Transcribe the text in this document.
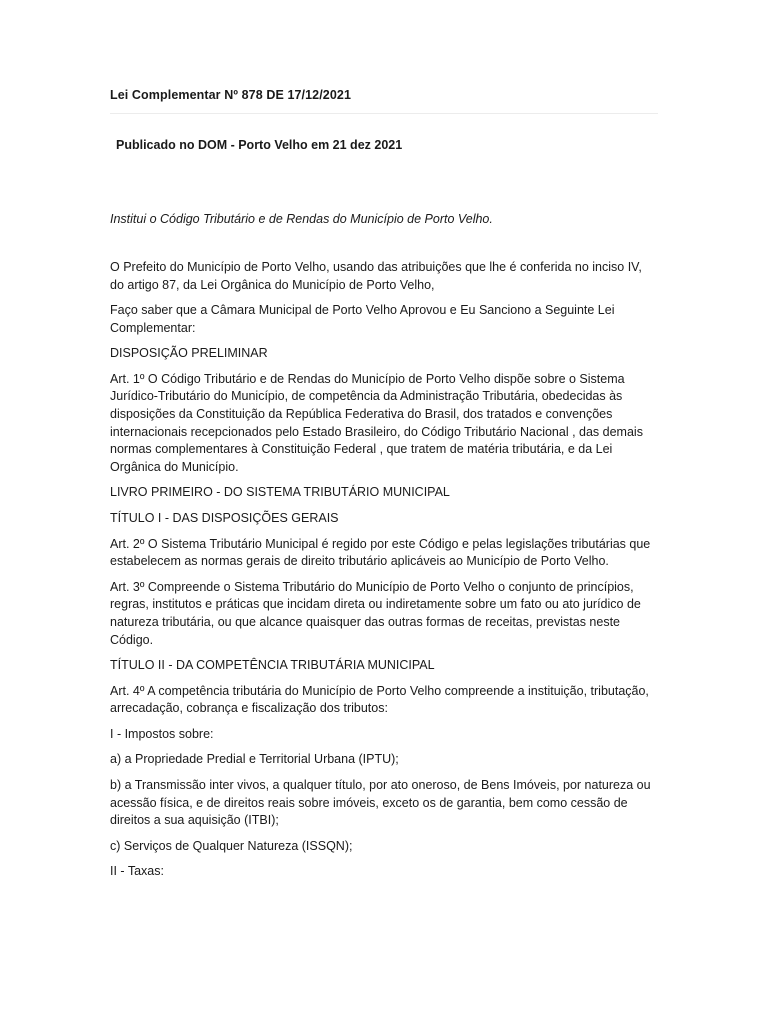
Lei Complementar Nº 878 DE 17/12/2021

Publicado no DOM - Porto Velho em 21 dez 2021

Institui o Código Tributário e de Rendas do Município de Porto Velho.

O Prefeito do Município de Porto Velho, usando das atribuições que lhe é conferida no inciso IV, do artigo 87, da Lei Orgânica do Município de Porto Velho,

Faço saber que a Câmara Municipal de Porto Velho Aprovou e Eu Sanciono a Seguinte Lei Complementar:

DISPOSIÇÃO PRELIMINAR

Art. 1º O Código Tributário e de Rendas do Município de Porto Velho dispõe sobre o Sistema Jurídico-Tributário do Município, de competência da Administração Tributária, obedecidas às disposições da Constituição da República Federativa do Brasil, dos tratados e convenções internacionais recepcionados pelo Estado Brasileiro, do Código Tributário Nacional , das demais normas complementares à Constituição Federal , que tratem de matéria tributária, e da Lei Orgânica do Município.

LIVRO PRIMEIRO - DO SISTEMA TRIBUTÁRIO MUNICIPAL

TÍTULO I - DAS DISPOSIÇÕES GERAIS

Art. 2º O Sistema Tributário Municipal é regido por este Código e pelas legislações tributárias que estabelecem as normas gerais de direito tributário aplicáveis ao Município de Porto Velho.

Art. 3º Compreende o Sistema Tributário do Município de Porto Velho o conjunto de princípios, regras, institutos e práticas que incidam direta ou indiretamente sobre um fato ou ato jurídico de natureza tributária, ou que alcance quaisquer das outras formas de receitas, previstas neste Código.

TÍTULO II - DA COMPETÊNCIA TRIBUTÁRIA MUNICIPAL

Art. 4º A competência tributária do Município de Porto Velho compreende a instituição, tributação, arrecadação, cobrança e fiscalização dos tributos:

I - Impostos sobre:

a) a Propriedade Predial e Territorial Urbana (IPTU);

b) a Transmissão inter vivos, a qualquer título, por ato oneroso, de Bens Imóveis, por natureza ou acessão física, e de direitos reais sobre imóveis, exceto os de garantia, bem como cessão de direitos a sua aquisição (ITBI);

c) Serviços de Qualquer Natureza (ISSQN);

II - Taxas:
